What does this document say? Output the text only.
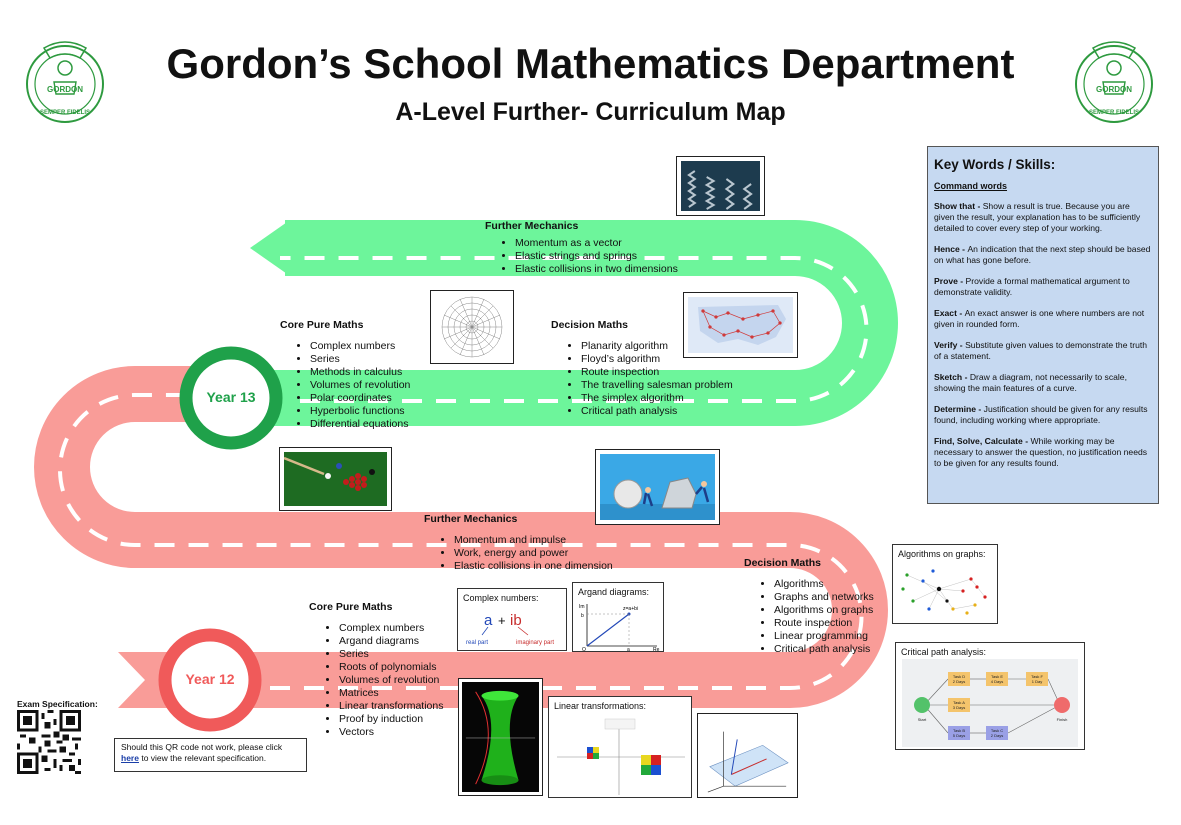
Year 13
Year 12
GORDON
SEMPER FIDELIS
GORDON
SEMPER FIDELIS
Gordon’s School Mathematics Department
A-Level Further- Curriculum Map
Further Mechanics
• Momentum as a vector
• Elastic strings and springs
• Elastic collisions in two dimensions
Core Pure Maths
• Complex numbers
• Series
• Methods in calculus
• Volumes of revolution
• Polar coordinates
• Hyperbolic functions
• Differential equations
Decision Maths
• Planarity algorithm
• Floyd’s algorithm
• Route inspection
• The travelling salesman problem
• The simplex algorithm
• Critical path analysis
Further Mechanics
• Momentum and impulse
• Work, energy and power
• Elastic collisions in one dimension
Core Pure Maths
• Complex numbers
• Argand diagrams
• Series
• Roots of polynomials
• Volumes of revolution
• Matrices
• Linear transformations
• Proof by induction
• Vectors
Decision Maths
• Algorithms
• Graphs and networks
• Algorithms on graphs
• Route inspection
• Linear programming
• Critical path analysis
Complex numbers:
a + ib
real part	imaginary part
Argand diagrams:
Im
Re
z=a+bi
b
O	a
Linear transformations:
Algorithms on graphs:
Critical path analysis:
Task D
2 Days
Task E
4 Days
Task F
1 Day
Task A
3 Days
Task B
5 Days
Task C
2 Days
Start	Finish
Key Words / Skills:
Command words
Show that - Show a result is true. Because you are given the result, your explanation has to be sufficiently detailed to cover every step of your working.
Hence - An indication that the next step should be based on what has gone before.
Prove - Provide a formal mathematical argument to demonstrate validity.
Exact - An exact answer is one where numbers are not given in rounded form.
Verify - Substitute given values to demonstrate the truth of a statement.
Sketch - Draw a diagram, not necessarily to scale, showing the main features of a curve.
Determine - Justification should be given for any results found, including working where appropriate.
Find, Solve, Calculate - While working may be necessary to answer the question, no justification needs to be given for any results found.
Exam Specification:
Should this QR code not work, please click here to view the relevant specification.
